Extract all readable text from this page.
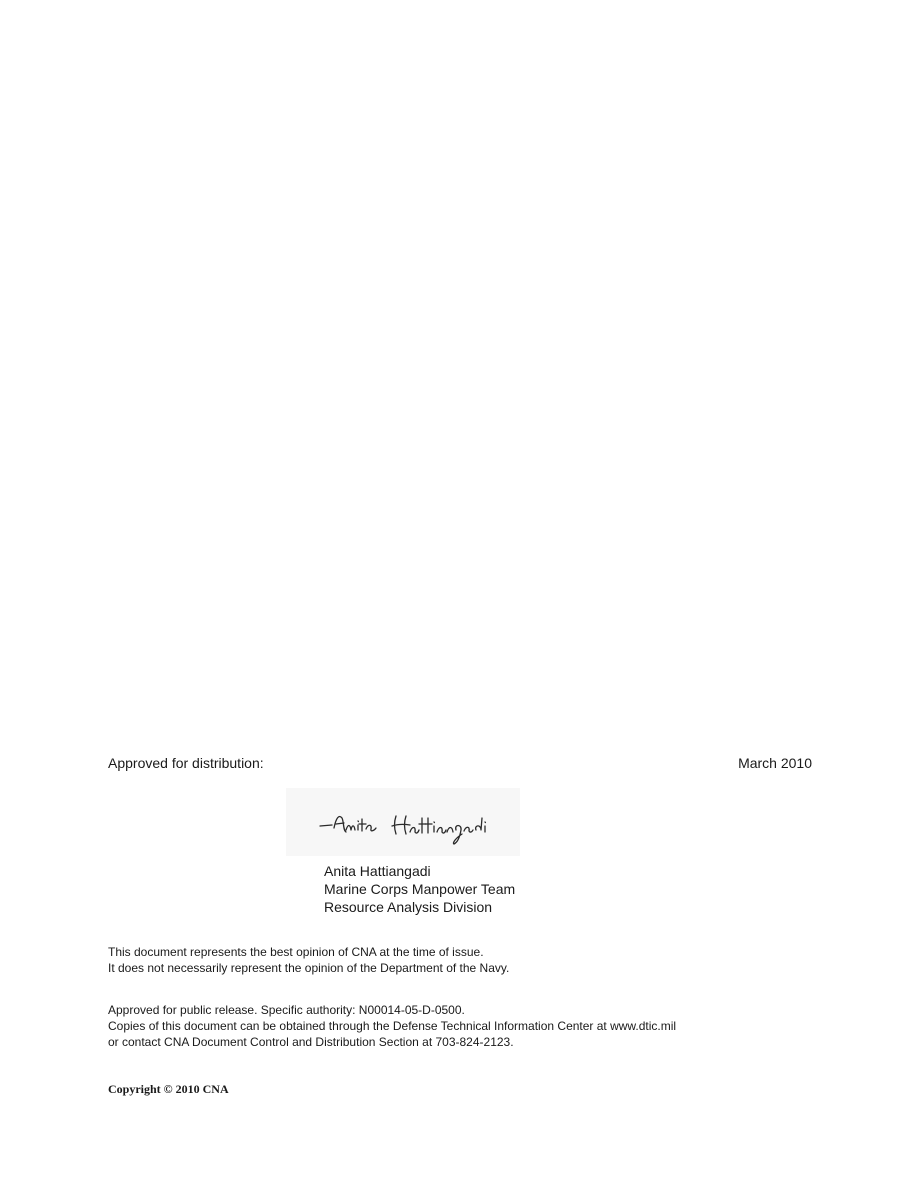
Approved for distribution:	March 2010
Anita Hattiangadi
Marine Corps Manpower Team
Resource Analysis Division
This document represents the best opinion of CNA at the time of issue.
It does not necessarily represent the opinion of the Department of the Navy.
Approved for public release. Specific authority: N00014-05-D-0500.
Copies of this document can be obtained through the Defense Technical Information Center at www.dtic.mil
or contact CNA Document Control and Distribution Section at 703-824-2123.
Copyright © 2010 CNA
